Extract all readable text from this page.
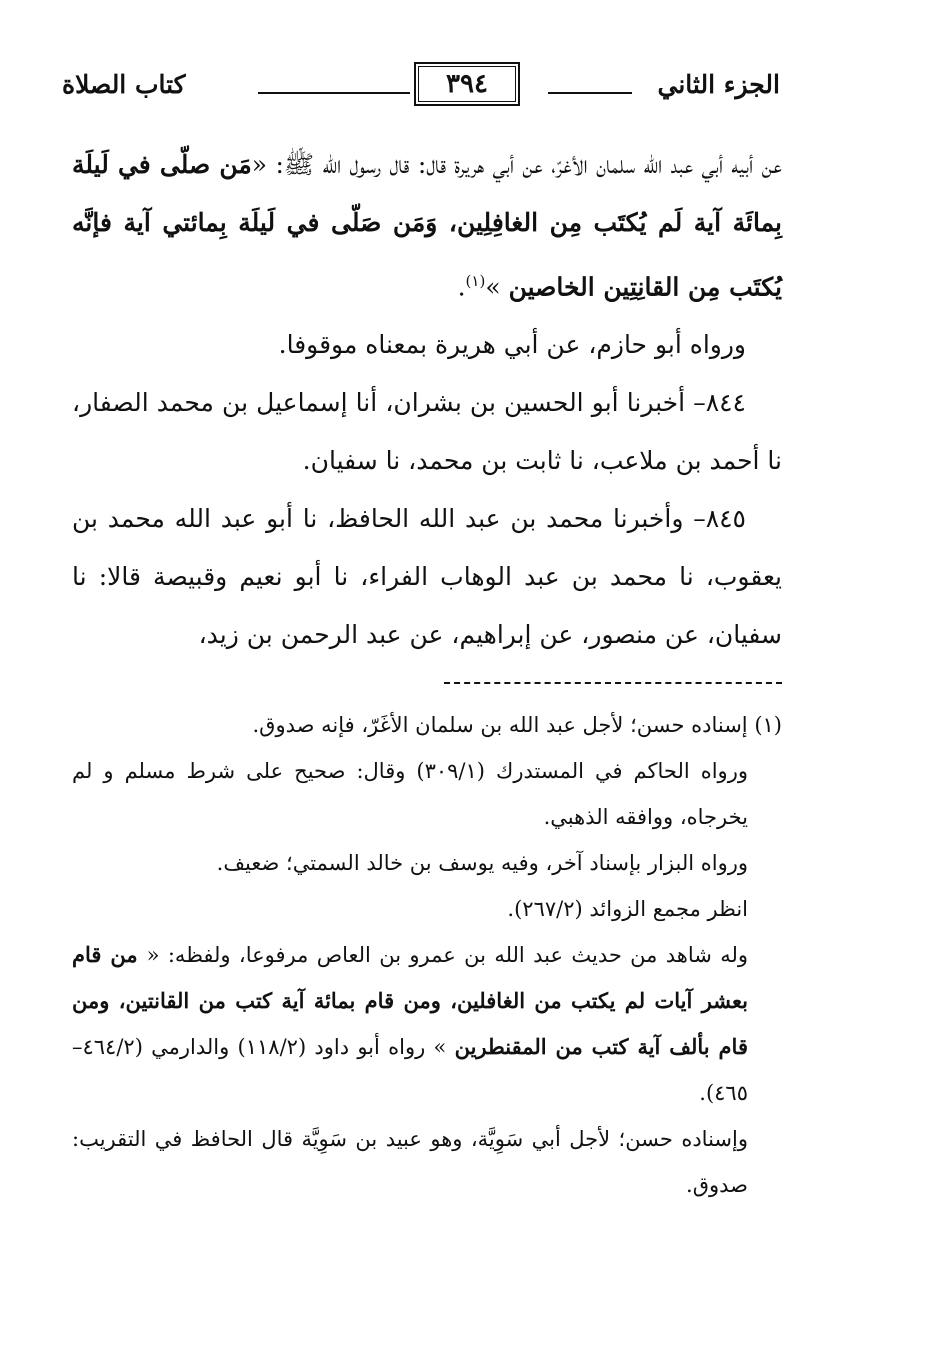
الجزء الثاني
٣٩٤
كتاب الصلاة

عن أبيه أبي عبد الله سلمان الأغرّ، عن أبي هريرة قال: قال رسول الله ﷺ: «مَن صلّى في لَيلَة بِمائَة آية لَم يُكتَب مِن الغافِلِين، وَمَن صَلّى في لَيلَة بِمائتي آية فإنَّه يُكتَب مِن القانِتِين الخاصين »$^{(١)}$.

ورواه أبو حازم، عن أبي هريرة بمعناه موقوفا.

٨٤٤– أخبرنا أبو الحسين بن بشران، أنا إسماعيل بن محمد الصفار، نا أحمد بن ملاعب، نا ثابت بن محمد، نا سفيان.

٨٤٥– وأخبرنا محمد بن عبد الله الحافظ، نا أبو عبد الله محمد بن يعقوب، نا محمد بن عبد الوهاب الفراء، نا أبو نعيم وقبيصة قالا: نا سفيان، عن منصور، عن إبراهيم، عن عبد الرحمن بن زيد،

(١) إسناده حسن؛ لأجل عبد الله بن سلمان الأغَرّ، فإنه صدوق.

ورواه الحاكم في المستدرك (٣٠٩/١) وقال: صحيح على شرط مسلم و لم يخرجاه، ووافقه الذهبي.

ورواه البزار بإسناد آخر، وفيه يوسف بن خالد السمتي؛ ضعيف.

انظر مجمع الزوائد (٢٦٧/٢).

وله شاهد من حديث عبد الله بن عمرو بن العاص مرفوعا، ولفظه: « من قام بعشر آيات لم يكتب من الغافلين، ومن قام بمائة آية كتب من القانتين، ومن قام بألف آية كتب من المقنطرين » رواه أبو داود (١١٨/٢) والدارمي (٤٦٤/٢–٤٦٥).

وإسناده حسن؛ لأجل أبي سَوِيَّة، وهو عبيد بن سَوِيَّة قال الحافظ في التقريب: صدوق.
